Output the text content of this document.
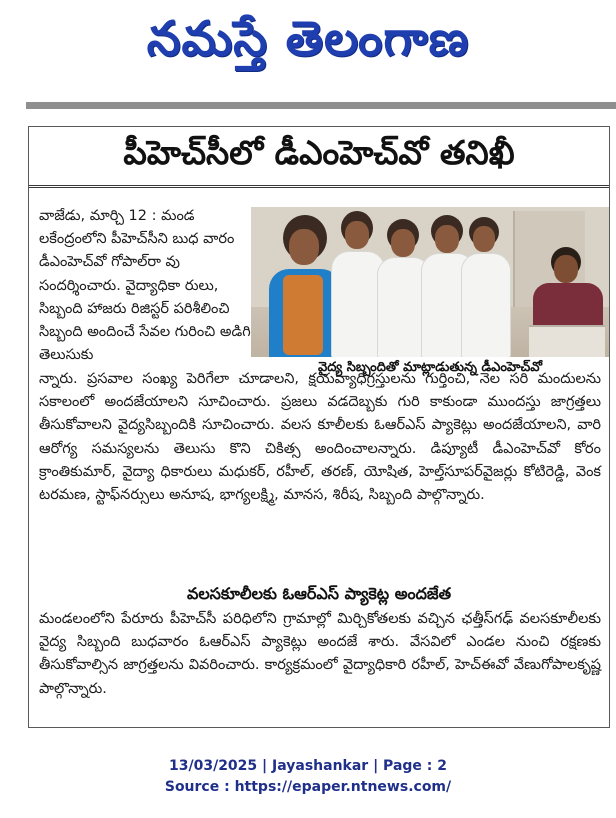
నమస్తే తెలంగాణ
పీహెచ్‌సీలో డీఎంహెచ్‌వో తనిఖీ
వాజేడు, మార్చి 12 : మండ లకేంద్రంలోని పీహెచ్‌సీని బుధ వారం డీఎంహెచ్‌వో గోపాల్‌రా వు సందర్శించారు. వైద్యాధికా రులు, సిబ్బంది హాజరు రిజిస్టర్ పరిశీలించి సిబ్బంది అందించే సేవల గురించి అడిగి తెలుసుకు
వైద్య సిబ్బందితో మాట్లాడుతున్న డీఎంహెచ్‌వో
న్నారు. ప్రసవాల సంఖ్య పెరిగేలా చూడాలని, క్షయవ్యాధిగ్రస్తులను గుర్తించి, నెల సరి మందులను సకాలంలో అందజేయాలని సూచించారు. ప్రజలు వడదెబ్బకు గురి కాకుండా ముందస్తు జాగ్రత్తలు తీసుకోవాలని వైద్యసిబ్బందికి సూచించారు. వలస కూలీలకు ఓఆర్‌ఎస్ ప్యాకెట్లు అందజేయాలని, వారి ఆరోగ్య సమస్యలను తెలుసు కొని చికిత్స అందించాలన్నారు. డిప్యూటీ డీఎంహెచ్‌వో కోరం క్రాంతికుమార్, వైద్యా ధికారులు మధుకర్, రహీల్, తరణ్, యోషిత, హెల్త్‌సూపర్‌వైజర్లు కోటిరెడ్డి, వెంక టరమణ, స్టాఫ్‌నర్సులు అనూష, భాగ్యలక్ష్మి, మానస, శిరీష, సిబ్బంది పాల్గొన్నారు.
వలసకూలీలకు ఓఆర్‌ఎస్ ప్యాకెట్ల అందజేత
మండలంలోని పేరూరు పీహెచ్‌సీ పరిధిలోని గ్రామాల్లో మిర్చికోతలకు వచ్చిన ఛత్తీస్‌గఢ్ వలసకూలీలకు వైద్య సిబ్బంది బుధవారం ఓఆర్‌ఎస్ ప్యాకెట్లు అందజే శారు. వేసవిలో ఎండల నుంచి రక్షణకు తీసుకోవాల్సిన జాగ్రత్తలను వివరించారు. కార్యక్రమంలో వైద్యాధికారి రహీల్, హెచ్‌ఈవో వేణుగోపాలకృష్ణ పాల్గొన్నారు.
13/03/2025 | Jayashankar | Page : 2
Source : https://epaper.ntnews.com/
